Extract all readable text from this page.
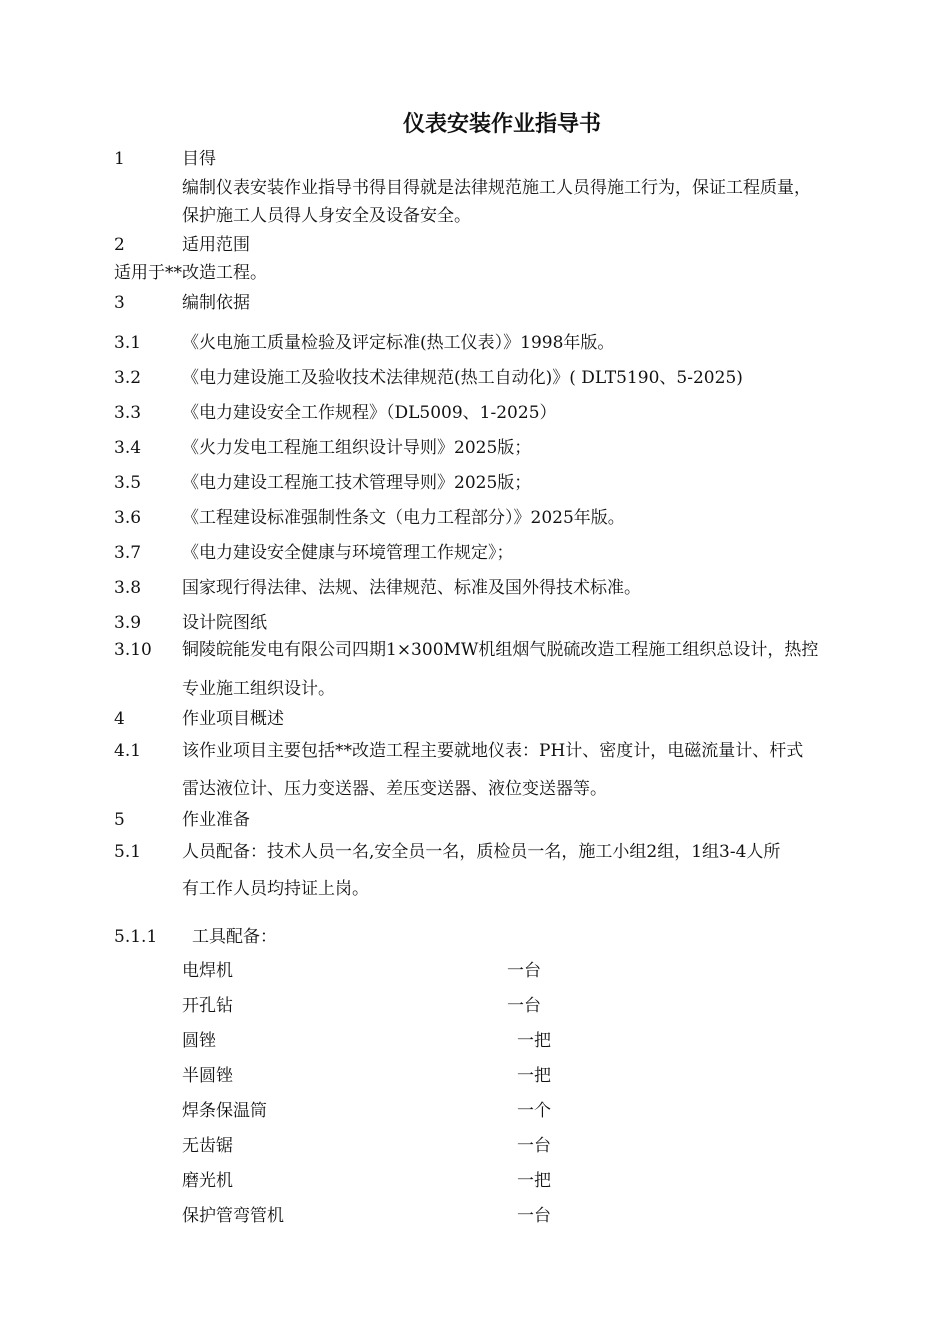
仪表安装作业指导书
1	目得
编制仪表安装作业指导书得目得就是法律规范施工人员得施工行为，保证工程质量，
保护施工人员得人身安全及设备安全。
2	适用范围
适用于**改造工程。
3	编制依据
3.1 《火电施工质量检验及评定标准(热工仪表）》1998年版。
3.2 《电力建设施工及验收技术法律规范(热工自动化)》( DLT5190、5-2025)
3.3 《电力建设安全工作规程》（DL5009、1-2025）
3.4 《火力发电工程施工组织设计导则》2025版；
3.5 《电力建设工程施工技术管理导则》2025版；
3.6 《工程建设标准强制性条文（电力工程部分）》2025年版。
3.7 《电力建设安全健康与环境管理工作规定》；
3.8 国家现行得法律、法规、法律规范、标准及国外得技术标准。
3.9 设计院图纸
3.10 铜陵皖能发电有限公司四期1×300MW机组烟气脱硫改造工程施工组织总设计，热控
专业施工组织设计。
4	作业项目概述
4.1 该作业项目主要包括**改造工程主要就地仪表：PH计、密度计，电磁流量计、杆式
雷达液位计、压力变送器、差压变送器、液位变送器等。
5	作业准备
5.1 人员配备：技术人员一名,安全员一名，质检员一名，施工小组2组，1组3-4人所
有工作人员均持证上岗。
5.1.1 工具配备：
电焊机	一台
开孔钻	一台
圆锉	一把
半圆锉	一把
焊条保温筒	一个
无齿锯	一台
磨光机	一把
保护管弯管机	一台
